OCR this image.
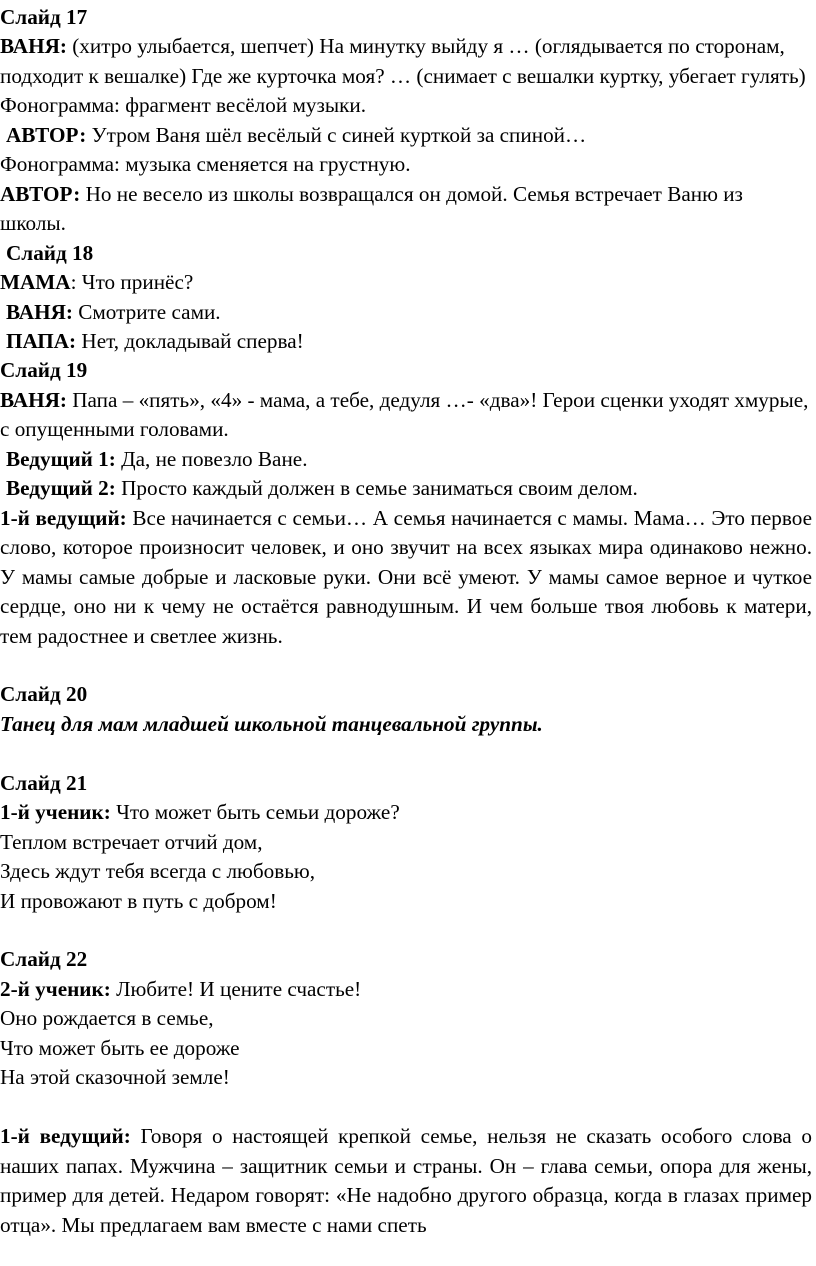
Слайд 17

ВАНЯ: (хитро улыбается, шепчет) На минутку выйду я … (оглядывается по сторонам, подходит к вешалке) Где же курточка моя? … (снимает с вешалки куртку, убегает гулять)

Фонограмма: фрагмент весёлой музыки.

АВТОР: Утром Ваня шёл весёлый с синей курткой за спиной…

Фонограмма: музыка сменяется на грустную.

АВТОР: Но не весело из школы возвращался он домой. Семья встречает Ваню из школы.

Слайд 18

МАМА: Что принёс?

ВАНЯ: Смотрите сами.

ПАПА: Нет, докладывай сперва!

Слайд 19

ВАНЯ: Папа – «пять», «4» - мама, а тебе, дедуля …- «два»! Герои сценки уходят хмурые, с опущенными головами.

Ведущий 1: Да, не повезло Ване.

Ведущий 2: Просто каждый должен в семье заниматься своим делом.

1-й ведущий: Все начинается с семьи… А семья начинается с мамы. Мама… Это первое слово, которое произносит человек, и оно звучит на всех языках мира одинаково нежно. У мамы самые добрые и ласковые руки. Они всё умеют. У мамы самое верное и чуткое сердце, оно ни к чему не остаётся равнодушным. И чем больше твоя любовь к матери, тем радостнее и светлее жизнь.

Слайд 20

Танец для мам младшей школьной танцевальной группы.

Слайд 21

1-й ученик: Что может быть семьи дороже?

Теплом встречает отчий дом,

Здесь ждут тебя всегда с любовью,

И провожают в путь с добром!

Слайд 22

2-й ученик: Любите! И цените счастье!

Оно рождается в семье,

Что может быть ее дороже

На этой сказочной земле!

1-й ведущий: Говоря о настоящей крепкой семье, нельзя не сказать особого слова о наших папах. Мужчина – защитник семьи и страны. Он – глава семьи, опора для жены, пример для детей. Недаром говорят: «Не надобно другого образца, когда в глазах пример отца». Мы предлагаем вам вместе с нами спеть
